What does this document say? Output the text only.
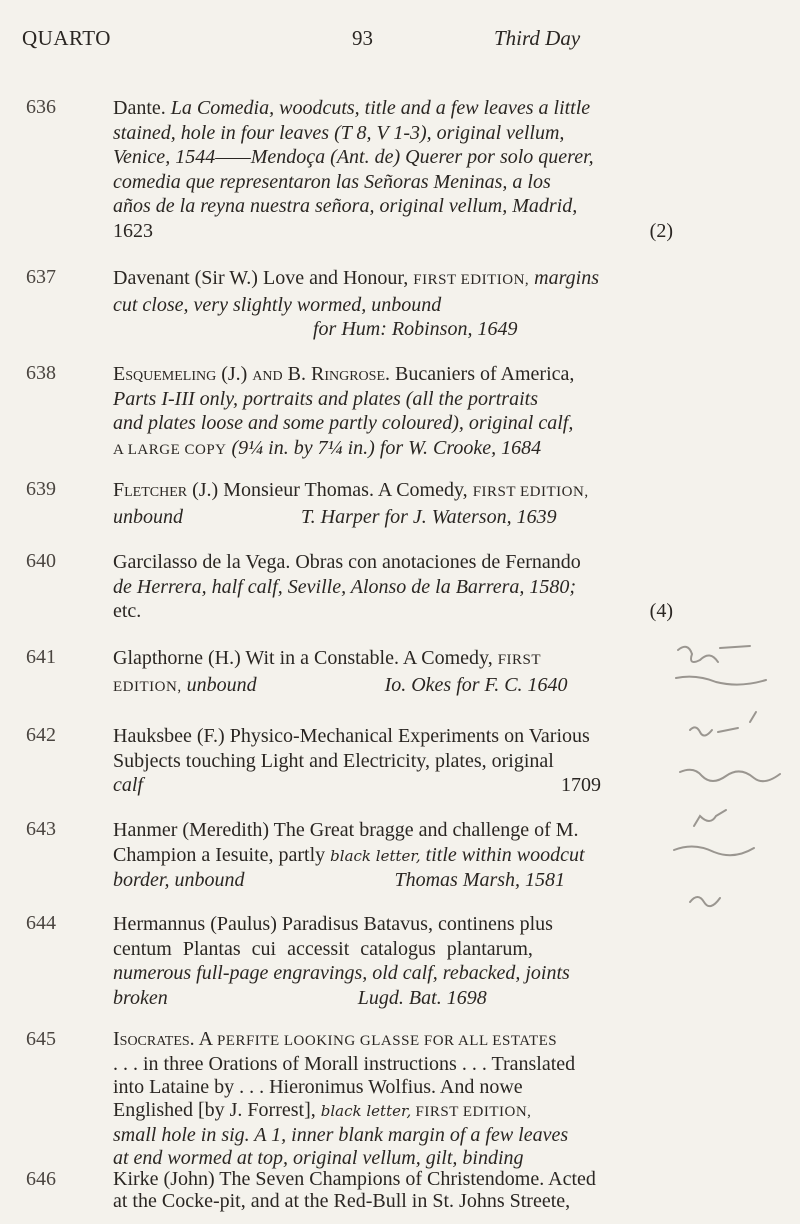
QUARTO	93	Third Day
636	Dante. La Comedia, woodcuts, title and a few leaves a little
stained, hole in four leaves (T 8, V 1-3), original vellum,
Venice, 1544——Mendoça (Ant. de) Querer por solo querer,
comedia que representaron las Señoras Meninas, a los
años de la reyna nuestra señora, original vellum, Madrid,
1623	(2)
637	Davenant (Sir W.) Love and Honour, FIRST EDITION, margins
cut close, very slightly wormed, unbound
for Hum: Robinson, 1649
638	Esquemeling (J.) and B. Ringrose. Bucaniers of America,
Parts I-III only, portraits and plates (all the portraits
and plates loose and some partly coloured), original calf,
A LARGE COPY (9¼ in. by 7¼ in.) for W. Crooke, 1684
639	Fletcher (J.) Monsieur Thomas. A Comedy, FIRST EDITION,
unbound	T. Harper for J. Waterson, 1639
640	Garcilasso de la Vega. Obras con anotaciones de Fernando
de Herrera, half calf, Seville, Alonso de la Barrera, 1580;
etc.	(4)
641	Glapthorne (H.) Wit in a Constable. A Comedy, FIRST
EDITION, unbound	Io. Okes for F. C. 1640
642	Hauksbee (F.) Physico-Mechanical Experiments on Various
Subjects touching Light and Electricity, plates, original
calf	1709
643	Hanmer (Meredith) The Great bragge and challenge of M.
Champion a Iesuite, partly black letter, title within woodcut
border, unbound	Thomas Marsh, 1581
644	Hermannus (Paulus) Paradisus Batavus, continens plus
centum Plantas cui accessit catalogus plantarum,
numerous full-page engravings, old calf, rebacked, joints
broken	Lugd. Bat. 1698
645	Isocrates. A PERFITE LOOKING GLASSE FOR ALL ESTATES
. . . in three Orations of Morall instructions . . . Translated
into Lataine by . . . Hieronimus Wolfius. And nowe
Englished [by J. Forrest], black letter, FIRST EDITION,
small hole in sig. A 1, inner blank margin of a few leaves
at end wormed at top, original vellum, gilt, binding
646	Kirke (John) The Seven Champions of Christendome. Acted
at the Cocke-pit, and at the Red-Bull in St. Johns Streete,
